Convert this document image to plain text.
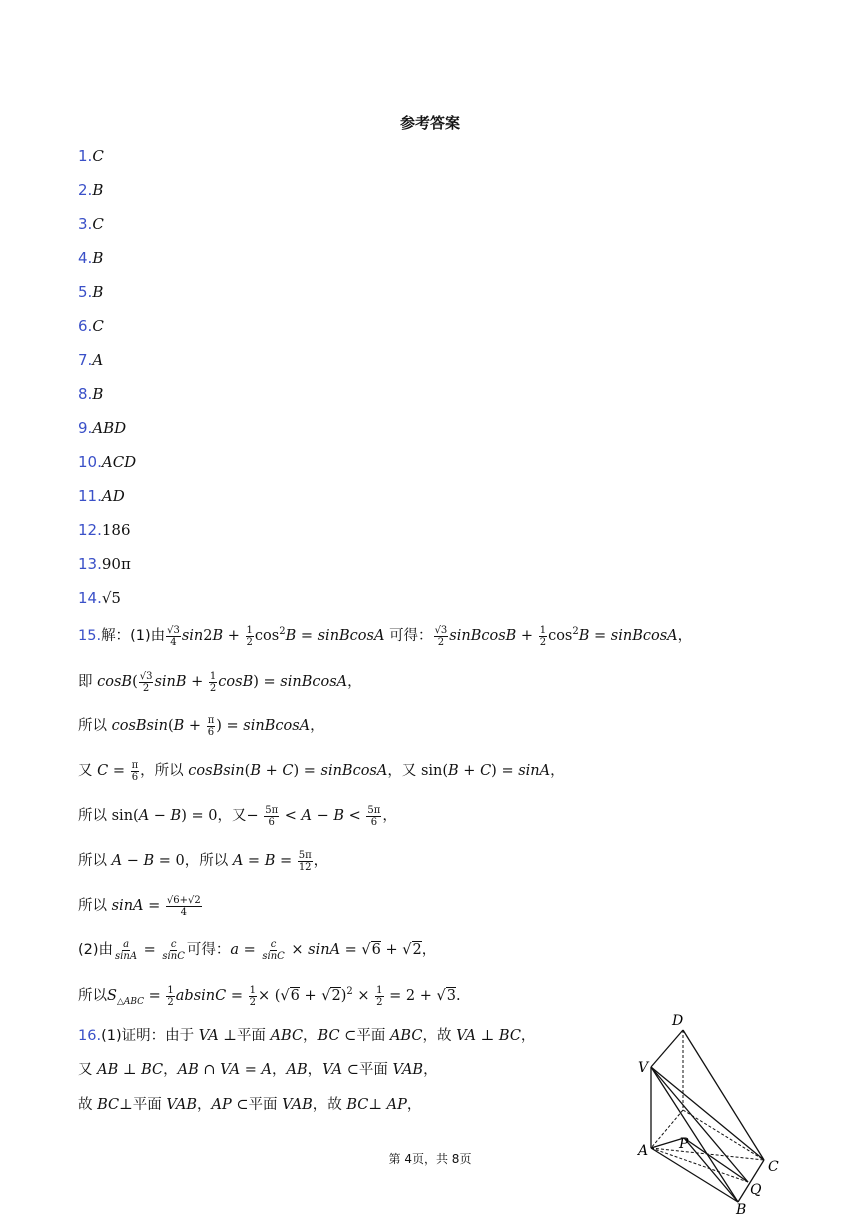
参考答案
1.C
2.B
3.C
4.B
5.B
6.C
7.A
8.B
9.ABD
10.ACD
11.AD
12.186
13.90π
14.√5
15.解：(1)由 $\frac{√3}{4} \sin 2B + \frac{1}{2} \cos^2B$ = sinBcosA 可得： $\frac{√3}{2}$ sinBcosB + $\frac{1}{2} \cos^2B$ = sinBcosA，
即 $\cos B( \frac{√3}{2}$ $\sin B + \frac{1}{2} \cos B$) = sinBcosA，
所以 cosBsin(B + $\frac{\pi}{6}$ ) = sinBcosA，
又 $C = \frac{\pi}{6}$ ，所以 cosBsin(B + C) = sinBcosA，又 sin(B + C) = sinA，
所以 sin(A − B) = 0，又− $\frac{5\pi}{6} < A - B < \frac{5\pi}{6}$ ，
所以 A − B = 0，所以 $A = B = \frac{5\pi}{12}$ ，
所以 $\sin A = \frac{√6+√2}{4}$
(2)由 $\frac{a}{\sin A} = \frac{c}{\sin C}$ 可得：$a = \frac{c}{\sin C} \times \sin A = √6 + √2$，
所以$S_{\triangle ABC} = \frac{1}{2}$ $absinC = \frac{1}{2} \times (√6 + √2)^2 \times \frac{1}{2} = 2 + √3$.
16.(1)证明：由于 VA ⊥平面 ABC，BC ⊂平面 ABC，故 VA ⊥ BC，
又 AB ⊥ BC，AB ∩ VA = A，AB，VA ⊂平面 VAB，
故 BC⊥平面 VAB，AP ⊂平面 VAB，故 BC⊥ AP，
D
V
A P
C
Q
B
第 4页，共 8页
